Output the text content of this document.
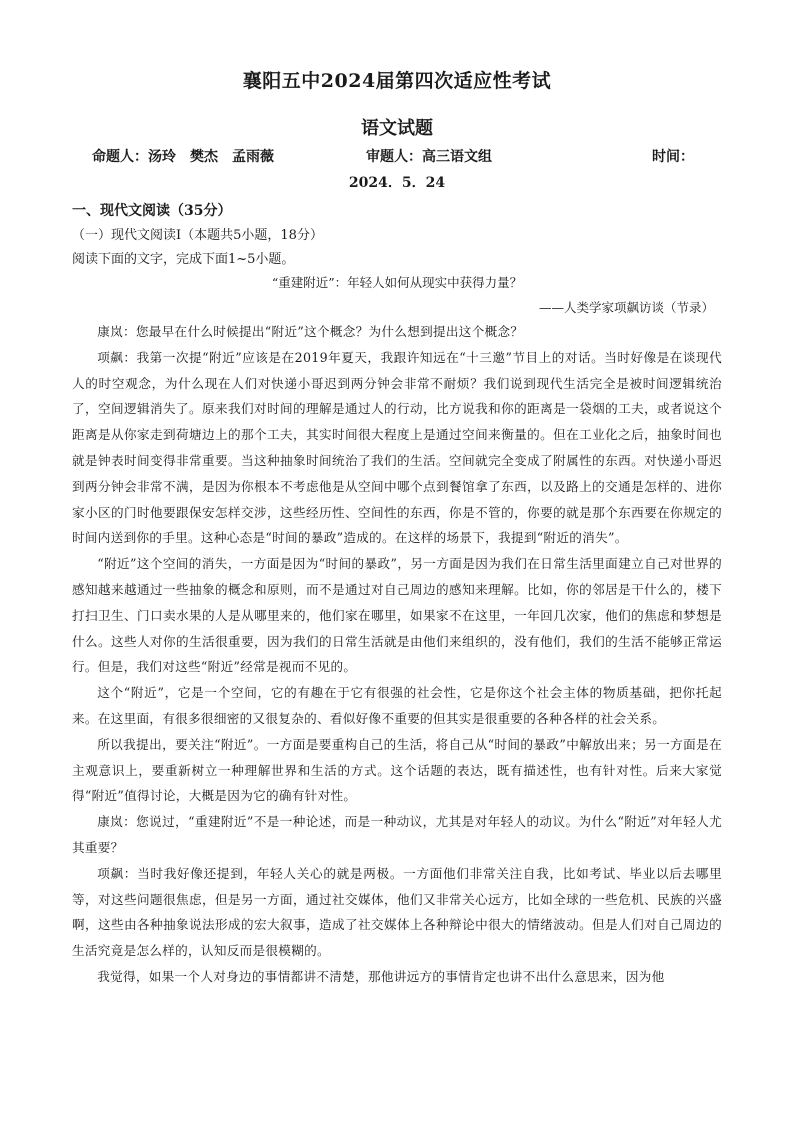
襄阳五中2024届第四次适应性考试
语文试题
命题人：汤玲　樊杰　孟雨薇	审题人：高三语文组	时间：
2024．5．24
一、现代文阅读（35分）
（一）现代文阅读Ⅰ（本题共5小题，18分）
阅读下面的文字，完成下面1~5小题。
“重建附近”：年轻人如何从现实中获得力量？
——人类学家项飙访谈（节录）

康岚：您最早在什么时候提出“附近”这个概念？为什么想到提出这个概念？

项飙：我第一次提“附近”应该是在2019年夏天，我跟许知远在“十三邀”节目上的对话。当时好像是在谈现代人的时空观念，为什么现在人们对快递小哥迟到两分钟会非常不耐烦？我们说到现代生活完全是被时间逻辑统治了，空间逻辑消失了。原来我们对时间的理解是通过人的行动，比方说我和你的距离是一袋烟的工夫，或者说这个距离是从你家走到荷塘边上的那个工夫，其实时间很大程度上是通过空间来衡量的。但在工业化之后，抽象时间也就是钟表时间变得非常重要。当这种抽象时间统治了我们的生活。空间就完全变成了附属性的东西。对快递小哥迟到两分钟会非常不满，是因为你根本不考虑他是从空间中哪个点到餐馆拿了东西，以及路上的交通是怎样的、进你家小区的门时他要跟保安怎样交涉，这些经历性、空间性的东西，你是不管的，你要的就是那个东西要在你规定的时间内送到你的手里。这种心态是“时间的暴政”造成的。在这样的场景下，我提到“附近的消失”。

“附近”这个空间的消失，一方面是因为“时间的暴政”，另一方面是因为我们在日常生活里面建立自己对世界的感知越来越通过一些抽象的概念和原则，而不是通过对自己周边的感知来理解。比如，你的邻居是干什么的，楼下打扫卫生、门口卖水果的人是从哪里来的，他们家在哪里，如果家不在这里，一年回几次家，他们的焦虑和梦想是什么。这些人对你的生活很重要，因为我们的日常生活就是由他们来组织的，没有他们，我们的生活不能够正常运行。但是，我们对这些“附近”经常是视而不见的。

这个“附近”，它是一个空间，它的有趣在于它有很强的社会性，它是你这个社会主体的物质基础，把你托起来。在这里面，有很多很细密的又很复杂的、看似好像不重要的但其实是很重要的各种各样的社会关系。

所以我提出，要关注“附近”。一方面是要重构自己的生活，将自己从“时间的暴政”中解放出来；另一方面是在主观意识上，要重新树立一种理解世界和生活的方式。这个话题的表达，既有描述性，也有针对性。后来大家觉得“附近”值得讨论，大概是因为它的确有针对性。

康岚：您说过，“重建附近”不是一种论述，而是一种动议，尤其是对年轻人的动议。为什么“附近”对年轻人尤其重要？

项飙：当时我好像还提到，年轻人关心的就是两极。一方面他们非常关注自我，比如考试、毕业以后去哪里等，对这些问题很焦虑，但是另一方面，通过社交媒体，他们又非常关心远方，比如全球的一些危机、民族的兴盛啊，这些由各种抽象说法形成的宏大叙事，造成了社交媒体上各种辩论中很大的情绪波动。但是人们对自己周边的生活究竟是怎么样的，认知反而是很模糊的。

我觉得，如果一个人对身边的事情都讲不清楚，那他讲远方的事情肯定也讲不出什么意思来，因为他
